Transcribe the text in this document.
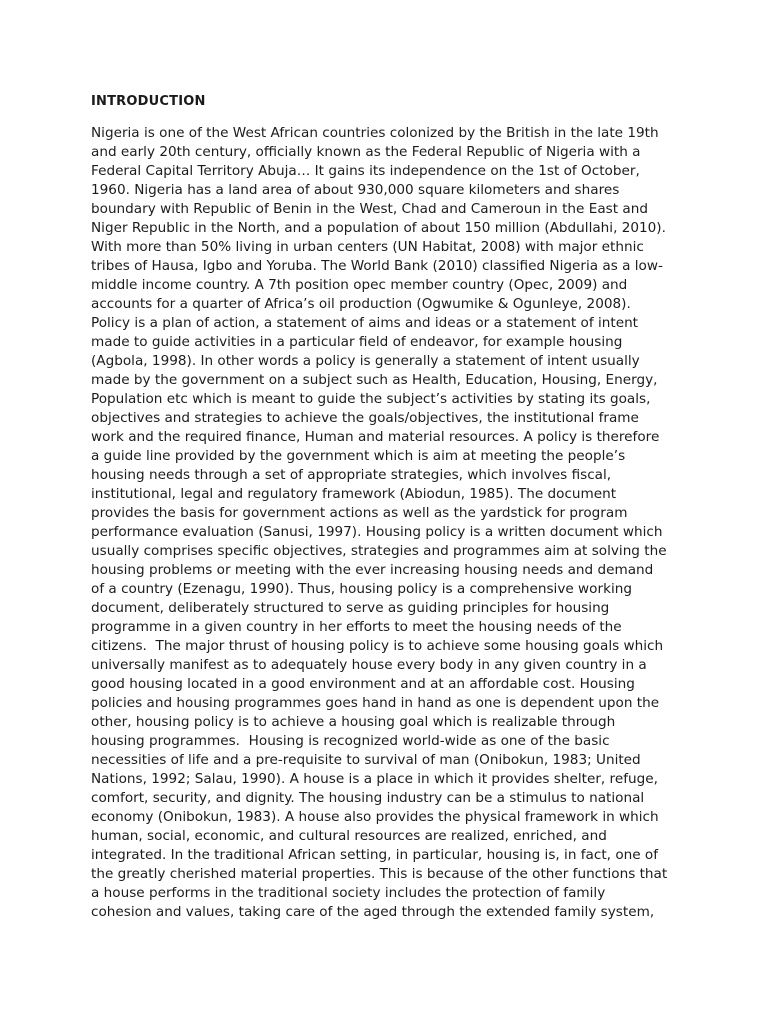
INTRODUCTION
Nigeria is one of the West African countries colonized by the British in the late 19th
and early 20th century, officially known as the Federal Republic of Nigeria with a
Federal Capital Territory Abuja… It gains its independence on the 1st of October,
1960. Nigeria has a land area of about 930,000 square kilometers and shares
boundary with Republic of Benin in the West, Chad and Cameroun in the East and
Niger Republic in the North, and a population of about 150 million (Abdullahi, 2010).
With more than 50% living in urban centers (UN Habitat, 2008) with major ethnic
tribes of Hausa, Igbo and Yoruba. The World Bank (2010) classified Nigeria as a low-
middle income country. A 7th position opec member country (Opec, 2009) and
accounts for a quarter of Africa’s oil production (Ogwumike & Ogunleye, 2008).
Policy is a plan of action, a statement of aims and ideas or a statement of intent
made to guide activities in a particular field of endeavor, for example housing
(Agbola, 1998). In other words a policy is generally a statement of intent usually
made by the government on a subject such as Health, Education, Housing, Energy,
Population etc which is meant to guide the subject’s activities by stating its goals,
objectives and strategies to achieve the goals/objectives, the institutional frame
work and the required finance, Human and material resources. A policy is therefore
a guide line provided by the government which is aim at meeting the people’s
housing needs through a set of appropriate strategies, which involves fiscal,
institutional, legal and regulatory framework (Abiodun, 1985). The document
provides the basis for government actions as well as the yardstick for program
performance evaluation (Sanusi, 1997). Housing policy is a written document which
usually comprises specific objectives, strategies and programmes aim at solving the
housing problems or meeting with the ever increasing housing needs and demand
of a country (Ezenagu, 1990). Thus, housing policy is a comprehensive working
document, deliberately structured to serve as guiding principles for housing
programme in a given country in her efforts to meet the housing needs of the
citizens.  The major thrust of housing policy is to achieve some housing goals which
universally manifest as to adequately house every body in any given country in a
good housing located in a good environment and at an affordable cost. Housing
policies and housing programmes goes hand in hand as one is dependent upon the
other, housing policy is to achieve a housing goal which is realizable through
housing programmes.  Housing is recognized world-wide as one of the basic
necessities of life and a pre-requisite to survival of man (Onibokun, 1983; United
Nations, 1992; Salau, 1990). A house is a place in which it provides shelter, refuge,
comfort, security, and dignity. The housing industry can be a stimulus to national
economy (Onibokun, 1983). A house also provides the physical framework in which
human, social, economic, and cultural resources are realized, enriched, and
integrated. In the traditional African setting, in particular, housing is, in fact, one of
the greatly cherished material properties. This is because of the other functions that
a house performs in the traditional society includes the protection of family
cohesion and values, taking care of the aged through the extended family system,
